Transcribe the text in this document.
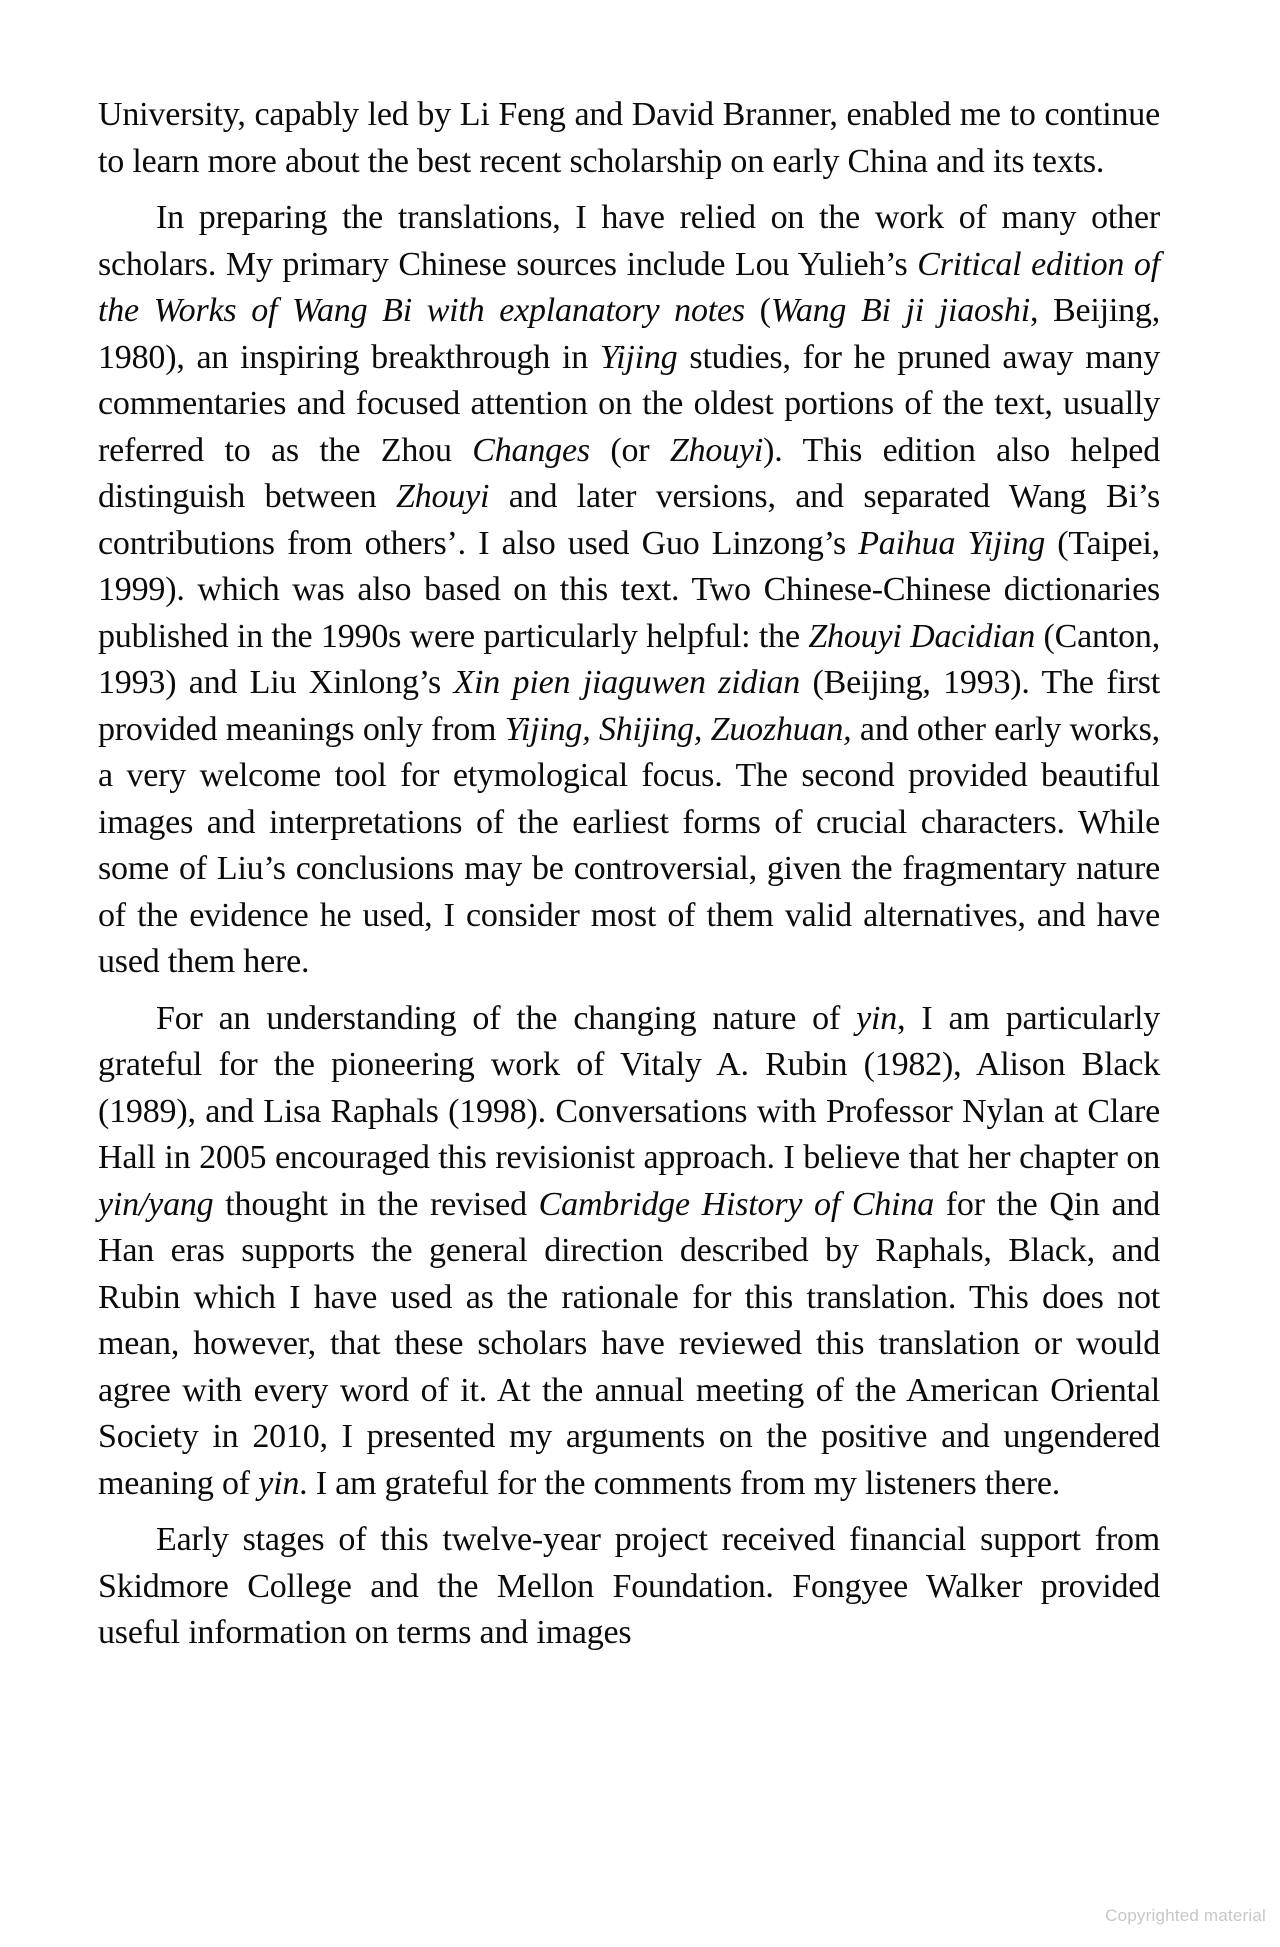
University, capably led by Li Feng and David Branner, enabled me to continue to learn more about the best recent scholarship on early China and its texts.

In preparing the translations, I have relied on the work of many other scholars. My primary Chinese sources include Lou Yulieh’s Critical edition of the Works of Wang Bi with explanatory notes (Wang Bi ji jiaoshi, Beijing, 1980), an inspiring breakthrough in Yijing studies, for he pruned away many commentaries and focused attention on the oldest portions of the text, usually referred to as the Zhou Changes (or Zhouyi). This edition also helped distinguish between Zhouyi and later versions, and separated Wang Bi’s contributions from others’. I also used Guo Linzong’s Paihua Yijing (Taipei, 1999). which was also based on this text. Two Chinese-Chinese dictionaries published in the 1990s were particularly helpful: the Zhouyi Dacidian (Canton, 1993) and Liu Xinlong’s Xin pien jiaguwen zidian (Beijing, 1993). The first provided meanings only from Yijing, Shijing, Zuozhuan, and other early works, a very welcome tool for etymological focus. The second provided beautiful images and interpretations of the earliest forms of crucial characters. While some of Liu’s conclusions may be controversial, given the fragmentary nature of the evidence he used, I consider most of them valid alternatives, and have used them here.

For an understanding of the changing nature of yin, I am particularly grateful for the pioneering work of Vitaly A. Rubin (1982), Alison Black (1989), and Lisa Raphals (1998). Conversations with Professor Nylan at Clare Hall in 2005 encouraged this revisionist approach. I believe that her chapter on yin/yang thought in the revised Cambridge History of China for the Qin and Han eras supports the general direction described by Raphals, Black, and Rubin which I have used as the rationale for this translation. This does not mean, however, that these scholars have reviewed this translation or would agree with every word of it. At the annual meeting of the American Oriental Society in 2010, I presented my arguments on the positive and ungendered meaning of yin. I am grateful for the comments from my listeners there.

Early stages of this twelve-year project received financial support from Skidmore College and the Mellon Foundation. Fongyee Walker provided useful information on terms and images

Copyrighted material
